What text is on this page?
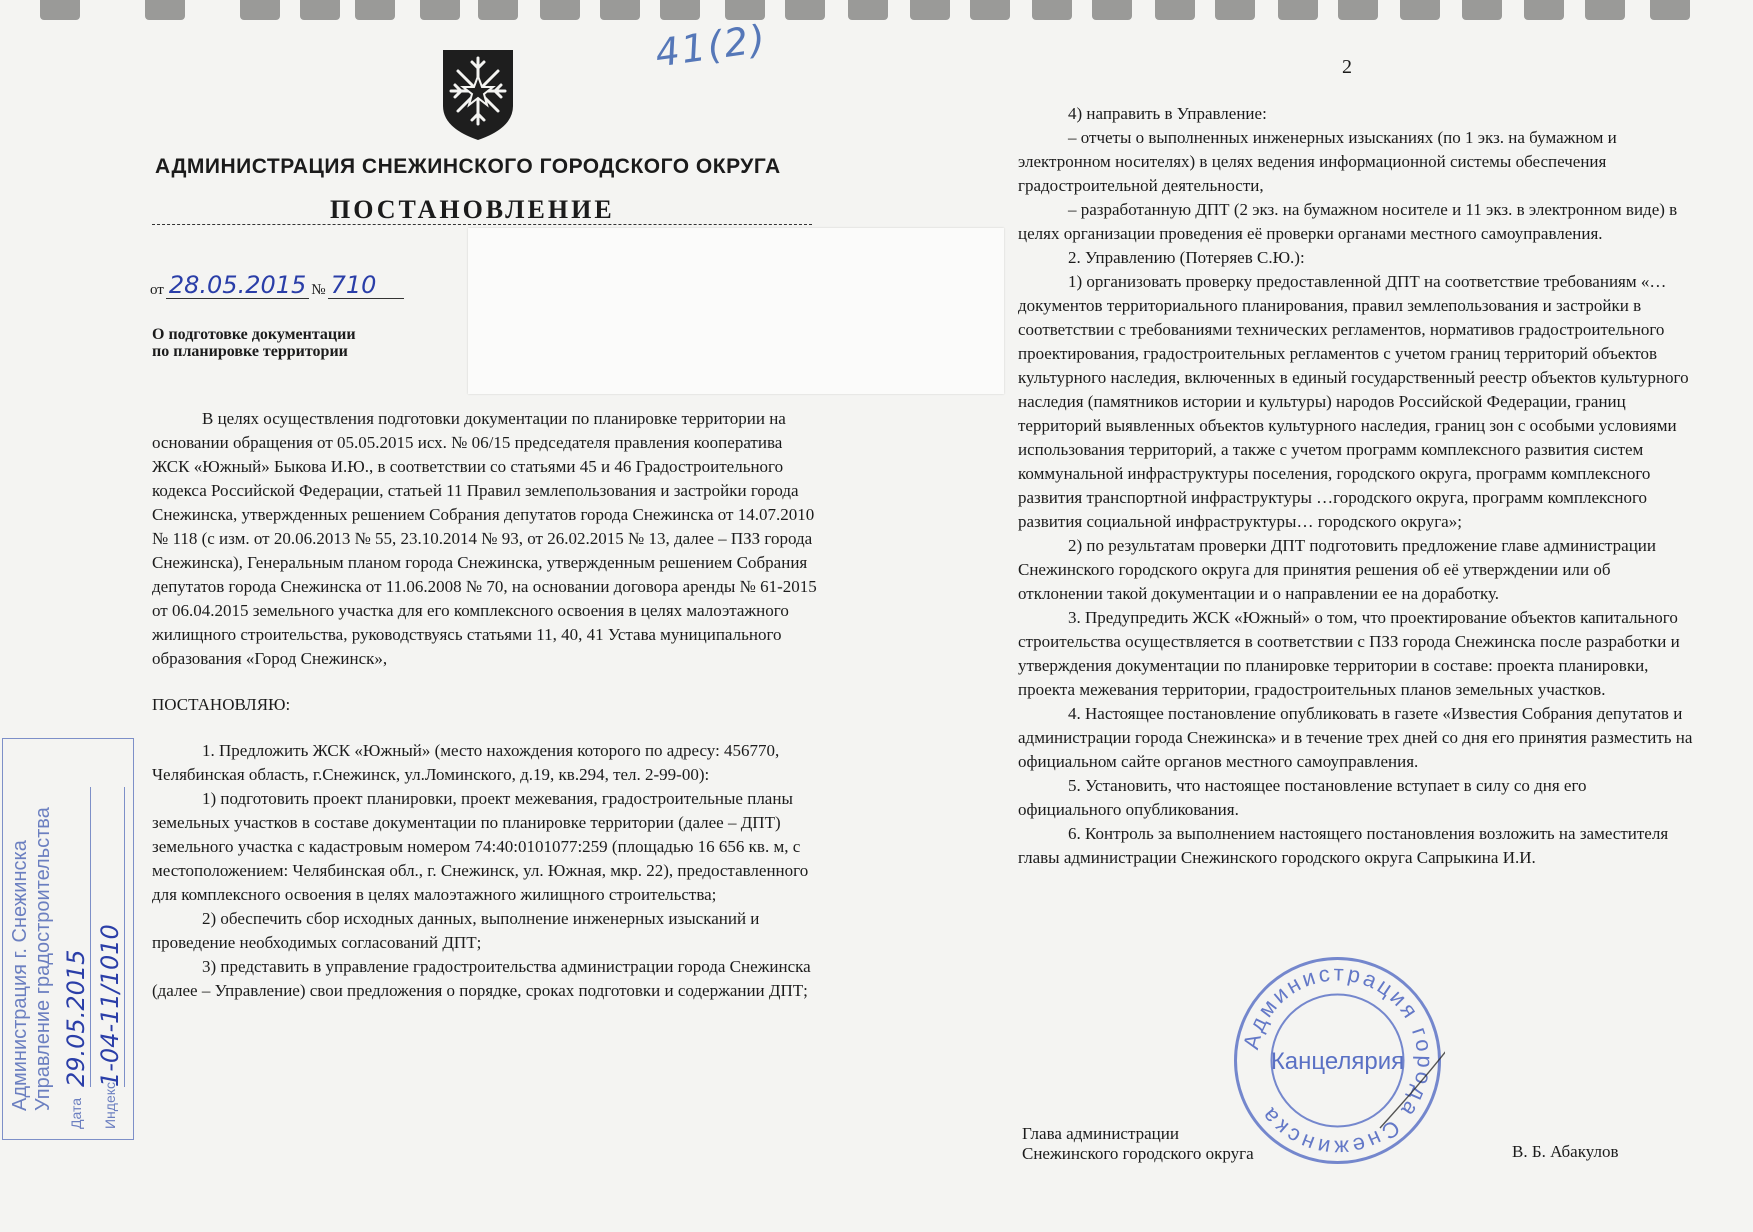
41(2)	2
АДМИНИСТРАЦИЯ СНЕЖИНСКОГО ГОРОДСКОГО ОКРУГА
ПОСТАНОВЛЕНИЕ
от 28.05.2015 № 710
О подготовке документации
по планировке территории

В целях осуществления подготовки документации по планировке территории на основании обращения от 05.05.2015 исх. № 06/15 председателя правления кооператива ЖСК «Южный» Быкова И.Ю., в соответствии со статьями 45 и 46 Градостроительного кодекса Российской Федерации, статьей 11 Правил землепользования и застройки города Снежинска, утвержденных решением Собрания депутатов города Снежинска от 14.07.2010 № 118 (с изм. от 20.06.2013 № 55, 23.10.2014 № 93, от 26.02.2015 № 13, далее – ПЗЗ города Снежинска), Генеральным планом города Снежинска, утвержденным решением Собрания депутатов города Снежинска от 11.06.2008 № 70, на основании договора аренды № 61-2015 от 06.04.2015 земельного участка для его комплексного освоения в целях малоэтажного жилищного строительства, руководствуясь статьями 11, 40, 41 Устава муниципального образования «Город Снежинск»,

ПОСТАНОВЛЯЮ:

1. Предложить ЖСК «Южный» (место нахождения которого по адресу: 456770, Челябинская область, г.Снежинск, ул.Ломинского, д.19, кв.294, тел. 2-99-00):

1) подготовить проект планировки, проект межевания, градостроительные планы земельных участков в составе документации по планировке территории (далее – ДПТ) земельного участка с кадастровым номером 74:40:0101077:259 (площадью 16 656 кв. м, с местоположением: Челябинская обл., г. Снежинск, ул. Южная, мкр. 22), предоставленного для комплексного освоения в целях малоэтажного жилищного строительства;

2) обеспечить сбор исходных данных, выполнение инженерных изысканий и проведение необходимых согласований ДПТ;

3) представить в управление градостроительства администрации города Снежинска (далее – Управление) свои предложения о порядке, сроках подготовки и содержании ДПТ;

4) направить в Управление:

– отчеты о выполненных инженерных изысканиях (по 1 экз. на бумажном и электронном носителях) в целях ведения информационной системы обеспечения градостроительной деятельности,

– разработанную ДПТ (2 экз. на бумажном носителе и 11 экз. в электронном виде) в целях организации проведения её проверки органами местного самоуправления.

2. Управлению (Потеряев С.Ю.):

1) организовать проверку предоставленной ДПТ на соответствие требованиям «…документов территориального планирования, правил землепользования и застройки в соответствии с требованиями технических регламентов, нормативов градостроительного проектирования, градостроительных регламентов с учетом границ территорий объектов культурного наследия, включенных в единый государственный реестр объектов культурного наследия (памятников истории и культуры) народов Российской Федерации, границ территорий выявленных объектов культурного наследия, границ зон с особыми условиями использования территорий, а также с учетом программ комплексного развития систем коммунальной инфраструктуры поселения, городского округа, программ комплексного развития транспортной инфраструктуры …городского округа, программ комплексного развития социальной инфраструктуры… городского округа»;

2) по результатам проверки ДПТ подготовить предложение главе администрации Снежинского городского округа для принятия решения об её утверждении или об отклонении такой документации и о направлении ее на доработку.

3. Предупредить ЖСК «Южный» о том, что проектирование объектов капитального строительства осуществляется в соответствии с ПЗЗ города Снежинска после разработки и утверждения документации по планировке территории в составе: проекта планировки, проекта межевания территории, градостроительных планов земельных участков.

4. Настоящее постановление опубликовать в газете «Известия Собрания депутатов и администрации города Снежинска» и в течение трех дней со дня его принятия разместить на официальном сайте органов местного самоуправления.

5. Установить, что настоящее постановление вступает в силу со дня его официального опубликования.

6. Контроль за выполнением настоящего постановления возложить на заместителя главы администрации Снежинского городского округа Сапрыкина И.И.

Глава администрации
Снежинского городского округа	В. Б. Абакулов
Администрация города Снежинска
Канцелярия
Администрация г. Снежинска Управление градостроительства
Дата
29.05.2015
Индекс
1-04-11/1010
